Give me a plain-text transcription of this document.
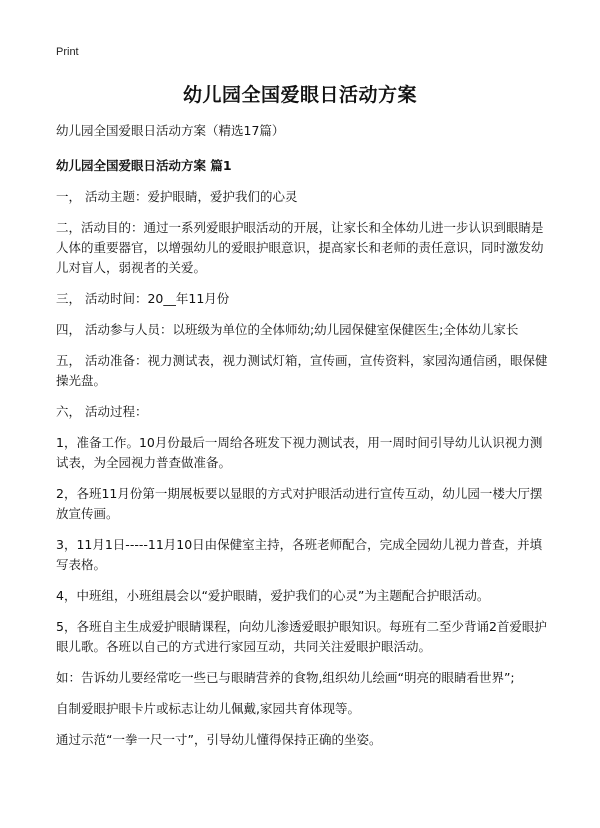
Print
幼儿园全国爱眼日活动方案

幼儿园全国爱眼日活动方案（精选17篇）

幼儿园全国爱眼日活动方案 篇1

一， 活动主题：爱护眼睛，爱护我们的心灵

二，活动目的：通过一系列爱眼护眼活动的开展，让家长和全体幼儿进一步认识到眼睛是人体的重要器官，以增强幼儿的爱眼护眼意识，提高家长和老师的责任意识，同时激发幼儿对盲人，弱视者的关爱。

三， 活动时间：20__年11月份

四， 活动参与人员：以班级为单位的全体师幼;幼儿园保健室保健医生;全体幼儿家长

五， 活动准备：视力测试表，视力测试灯箱，宣传画，宣传资料，家园沟通信函，眼保健操光盘。

六， 活动过程：

1，准备工作。10月份最后一周给各班发下视力测试表，用一周时间引导幼儿认识视力测试表，为全园视力普查做准备。

2，各班11月份第一期展板要以显眼的方式对护眼活动进行宣传互动，幼儿园一楼大厅摆放宣传画。

3，11月1日-----11月10日由保健室主持，各班老师配合，完成全园幼儿视力普查，并填写表格。

4，中班组，小班组晨会以“爱护眼睛，爱护我们的心灵”为主题配合护眼活动。

5，各班自主生成爱护眼睛课程，向幼儿渗透爱眼护眼知识。每班有二至少背诵2首爱眼护眼儿歌。各班以自己的方式进行家园互动，共同关注爱眼护眼活动。

如：告诉幼儿要经常吃一些已与眼睛营养的食物,组织幼儿绘画“明亮的眼睛看世界”;

自制爱眼护眼卡片或标志让幼儿佩戴,家园共育体现等。

通过示范“一拳一尺一寸”，引导幼儿懂得保持正确的坐姿。
